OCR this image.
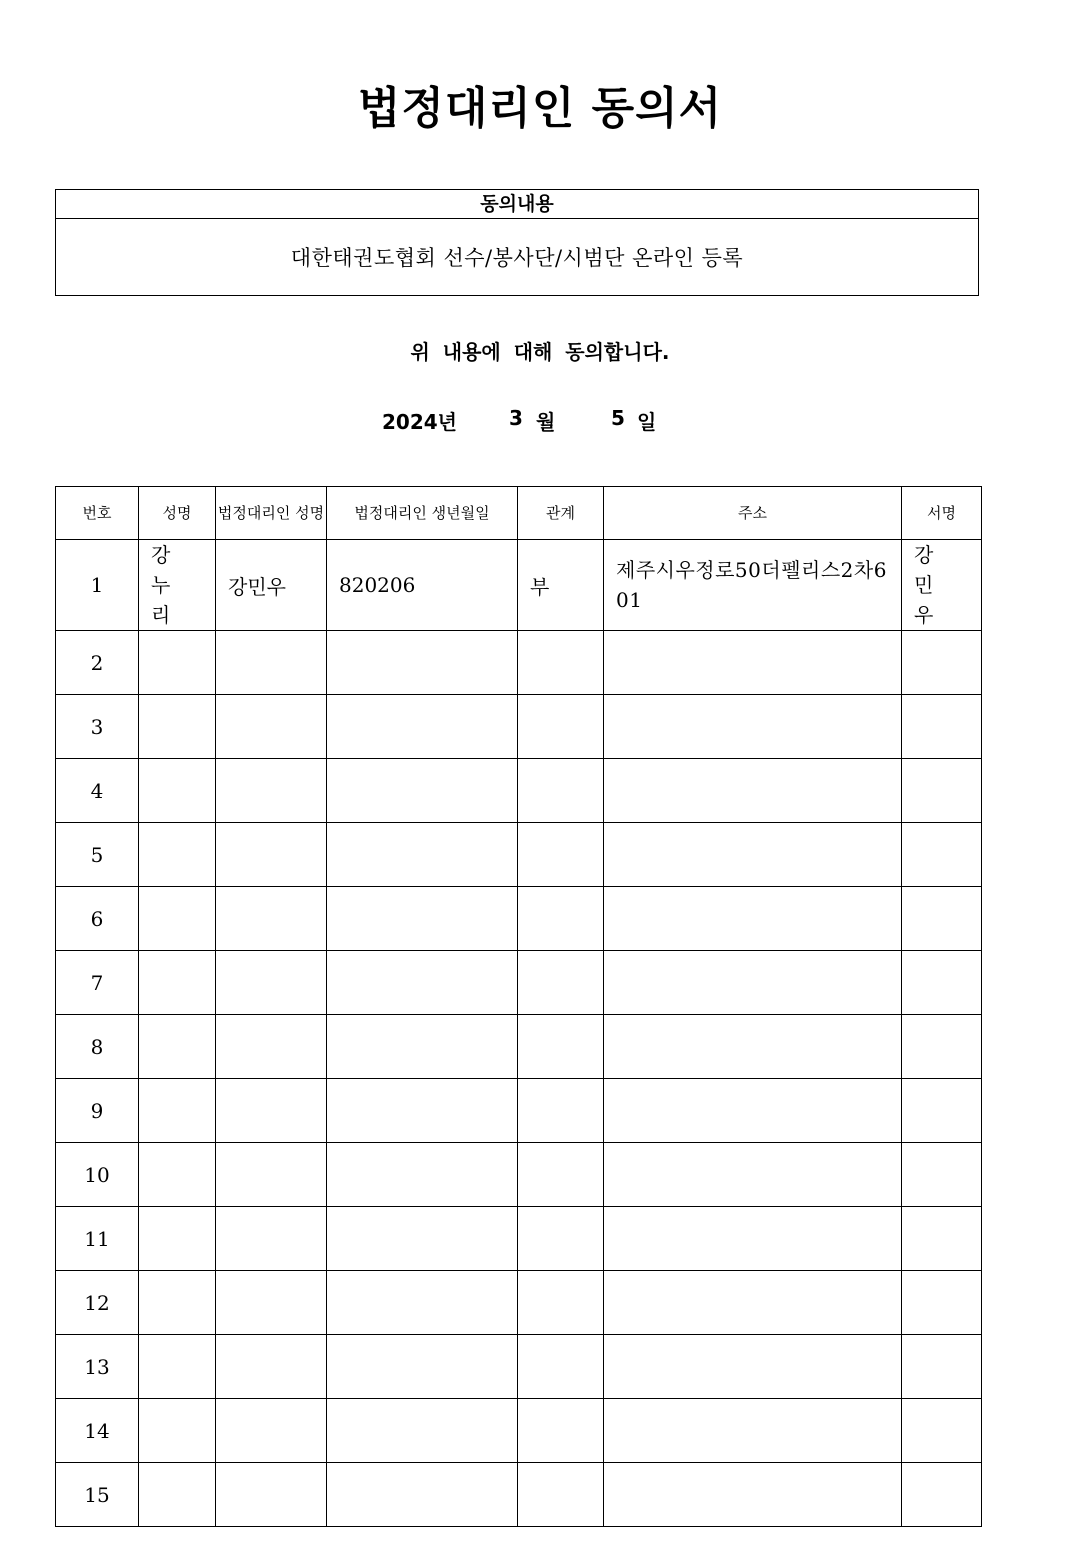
법정대리인 동의서
동의내용
대한태권도협회 선수/봉사단/시범단 온라인 등록
위 내용에 대해 동의합니다.
2024년	3 월	5 일
번호	성명	법정대리인 성명	법정대리인 생년월일	관계	주소	서명
1	강누리	강민우	820206	부	제주시우정로50더펠리스2차601	강민우
2						
3						
4						
5						
6						
7						
8						
9						
10						
11						
12						
13						
14						
15						
